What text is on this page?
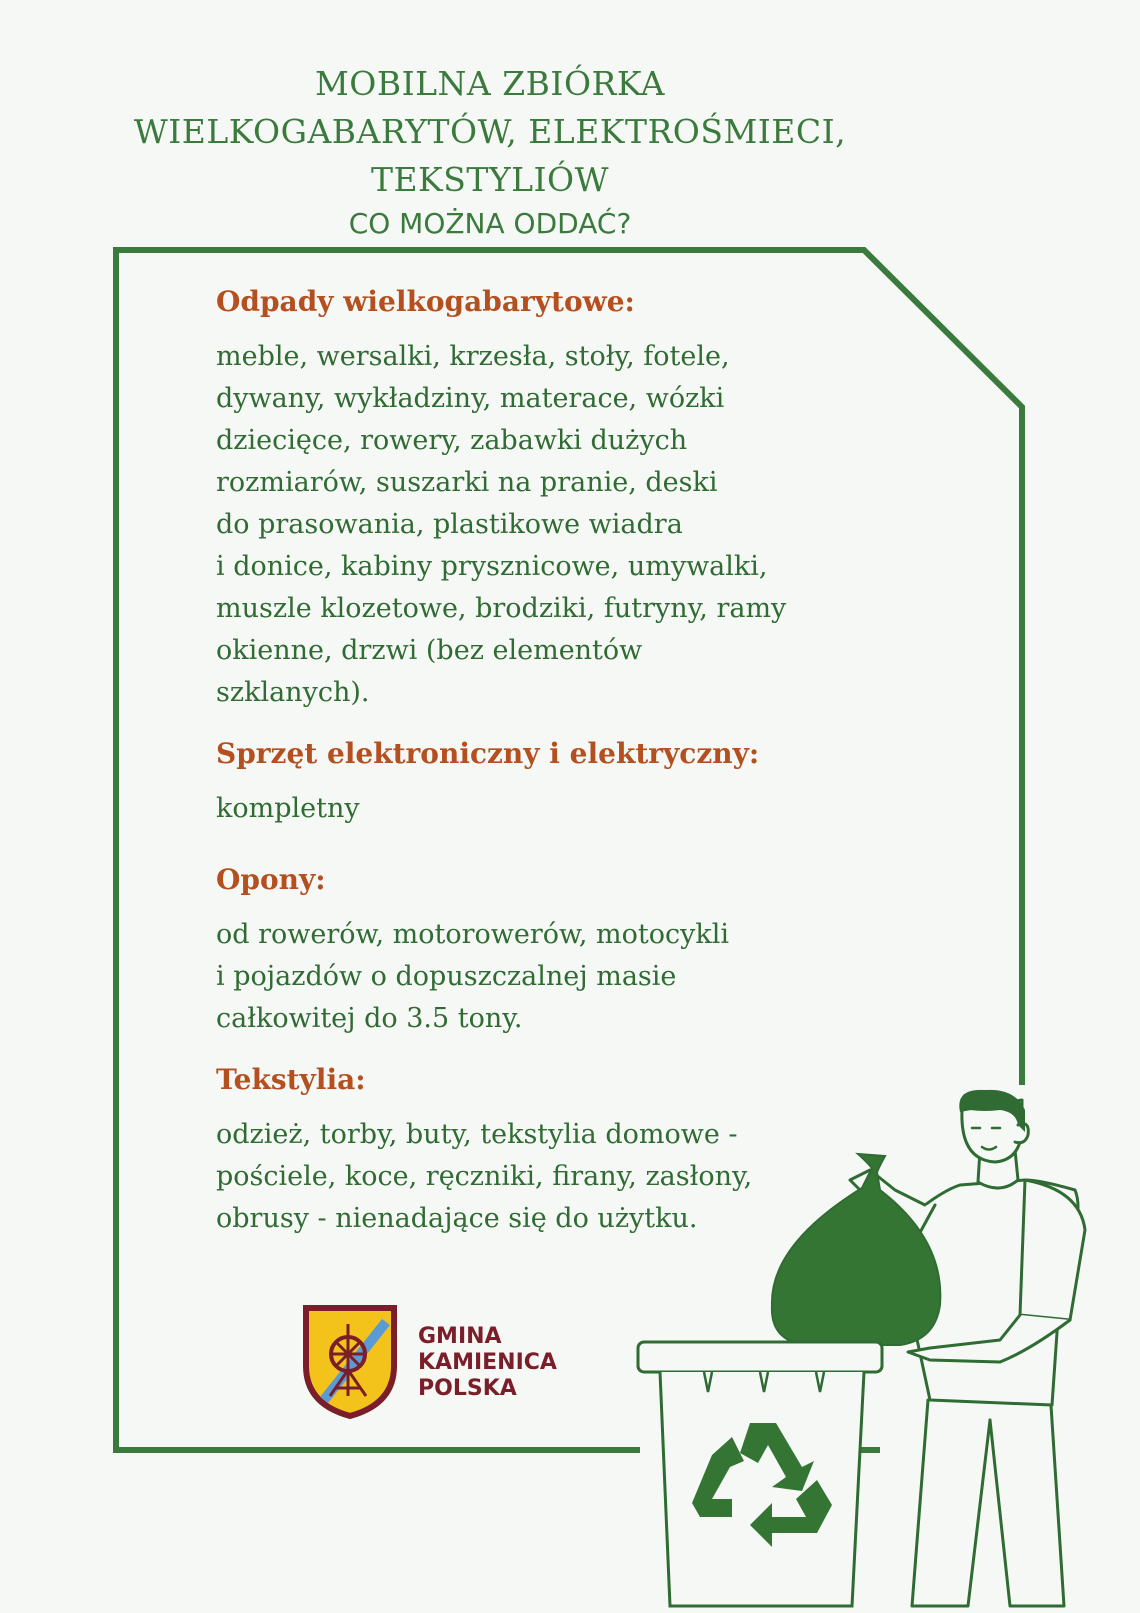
MOBILNA ZBIÓRKA
WIELKOGABARYTÓW, ELEKTROŚMIECI,
TEKSTYLIÓW
CO MOŻNA ODDAĆ?
Odpady wielkogabarytowe:

meble, wersalki, krzesła, stoły, fotele,
dywany, wykładziny, materace, wózki
dziecięce, rowery, zabawki dużych
rozmiarów, suszarki na pranie, deski
do prasowania, plastikowe wiadra
i donice, kabiny prysznicowe, umywalki,
muszle klozetowe, brodziki, futryny, ramy
okienne, drzwi (bez elementów
szklanych).

Sprzęt elektroniczny i elektryczny:

kompletny

Opony:

od rowerów, motorowerów, motocykli
i pojazdów o dopuszczalnej masie
całkowitej do 3.5 tony.

Tekstylia:

odzież, torby, buty, tekstylia domowe -
pościele, koce, ręczniki, firany, zasłony,
obrusy - nienadające się do użytku.

GMINA
KAMIENICA
POLSKA
